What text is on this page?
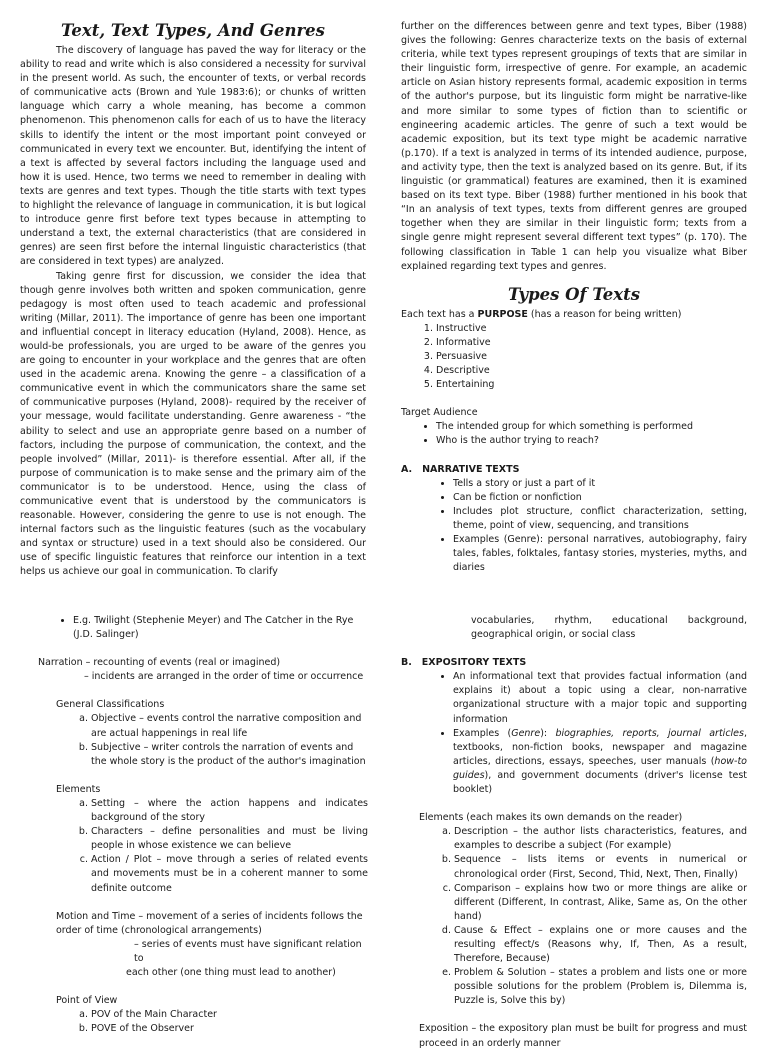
Text, Text Types, And Genres

The discovery of language has paved the way for literacy or the ability to read and write which is also considered a necessity for survival in the present world. As such, the encounter of texts, or verbal records of communicative acts (Brown and Yule 1983:6); or chunks of written language which carry a whole meaning, has become a common phenomenon. This phenomenon calls for each of us to have the literacy skills to identify the intent or the most important point conveyed or communicated in every text we encounter. But, identifying the intent of a text is affected by several factors including the language used and how it is used. Hence, two terms we need to remember in dealing with texts are genres and text types. Though the title starts with text types to highlight the relevance of language in communication, it is but logical to introduce genre first before text types because in attempting to understand a text, the external characteristics (that are considered in genres) are seen first before the internal linguistic characteristics (that are considered in text types) are analyzed.

Taking genre first for discussion, we consider the idea that though genre involves both written and spoken communication, genre pedagogy is most often used to teach academic and professional writing (Millar, 2011). The importance of genre has been one important and influential concept in literacy education (Hyland, 2008). Hence, as would-be professionals, you are urged to be aware of the genres you are going to encounter in your workplace and the genres that are often used in the academic arena. Knowing the genre – a classification of a communicative event in which the communicators share the same set of communicative purposes (Hyland, 2008)- required by the receiver of your message, would facilitate understanding. Genre awareness - “the ability to select and use an appropriate genre based on a number of factors, including the purpose of communication, the context, and the people involved” (Millar, 2011)- is therefore essential. After all, if the purpose of communication is to make sense and the primary aim of the communicator is to be understood. Hence, using the class of communicative event that is understood by the communicators is reasonable. However, considering the genre to use is not enough. The internal factors such as the linguistic features (such as the vocabulary and syntax or structure) used in a text should also be considered. Our use of specific linguistic features that reinforce our intention in a text helps us achieve our goal in communication. To clarify

further on the differences between genre and text types, Biber (1988) gives the following: Genres characterize texts on the basis of external criteria, while text types represent groupings of texts that are similar in their linguistic form, irrespective of genre. For example, an academic article on Asian history represents formal, academic exposition in terms of the author's purpose, but its linguistic form might be narrative-like and more similar to some types of fiction than to scientific or engineering academic articles. The genre of such a text would be academic exposition, but its text type might be academic narrative (p.170). If a text is analyzed in terms of its intended audience, purpose, and activity type, then the text is analyzed based on its genre. But, if its linguistic (or grammatical) features are examined, then it is examined based on its text type. Biber (1988) further mentioned in his book that “In an analysis of text types, texts from different genres are grouped together when they are similar in their linguistic form; texts from a single genre might represent several different text types” (p. 170). The following classification in Table 1 can help you visualize what Biber explained regarding text types and genres.

Types Of Texts

Each text has a PURPOSE (has a reason for being written)

1. Instructive
2. Informative
3. Persuasive
4. Descriptive
5. Entertaining

Target Audience

• The intended group for which something is performed
• Who is the author trying to reach?

A. NARRATIVE TEXTS

• Tells a story or just a part of it
• Can be fiction or nonfiction
• Includes plot structure, conflict characterization, setting, theme, point of view, sequencing, and transitions
• Examples (Genre): personal narratives, autobiography, fairy tales, fables, folktales, fantasy stories, mysteries, myths, and diaries
• E.g. Twilight (Stephenie Meyer) and The Catcher in the Rye (J.D. Salinger)

Narration – recounting of events (real or imagined)

– incidents are arranged in the order of time or occurrence

General Classifications

a. Objective – events control the narrative composition and are actual happenings in real life
b. Subjective – writer controls the narration of events and the whole story is the product of the author's imagination

Elements

a. Setting – where the action happens and indicates background of the story
b. Characters – define personalities and must be living people in whose existence we can believe
c. Action / Plot – move through a series of related events and movements must be in a coherent manner to some definite outcome

Motion and Time – movement of a series of incidents follows the order of time (chronological arrangements)

– series of events must have significant relation to

each other (one thing must lead to another)

Point of View

a. POV of the Main Character
b. POVE of the Observer

vocabularies, rhythm, educational background, geographical origin, or social class

B. EXPOSITORY TEXTS

• An informational text that provides factual information (and explains it) about a topic using a clear, non-narrative organizational structure with a major topic and supporting information
• Examples (Genre): biographies, reports, journal articles, textbooks, non-fiction books, newspaper and magazine articles, directions, essays, speeches, user manuals (how-to guides), and government documents (driver's license test booklet)

Elements (each makes its own demands on the reader)

a. Description – the author lists characteristics, features, and examples to describe a subject (For example)
b. Sequence – lists items or events in numerical or chronological order (First, Second, Thid, Next, Then, Finally)
c. Comparison – explains how two or more things are alike or different (Different, In contrast, Alike, Same as, On the other hand)
d. Cause & Effect – explains one or more causes and the resulting effect/s (Reasons why, If, Then, As a result, Therefore, Because)
e. Problem & Solution – states a problem and lists one or more possible solutions for the problem (Problem is, Dilemma is, Puzzle is, Solve this by)

Exposition – the expository plan must be built for progress and must proceed in an orderly manner
